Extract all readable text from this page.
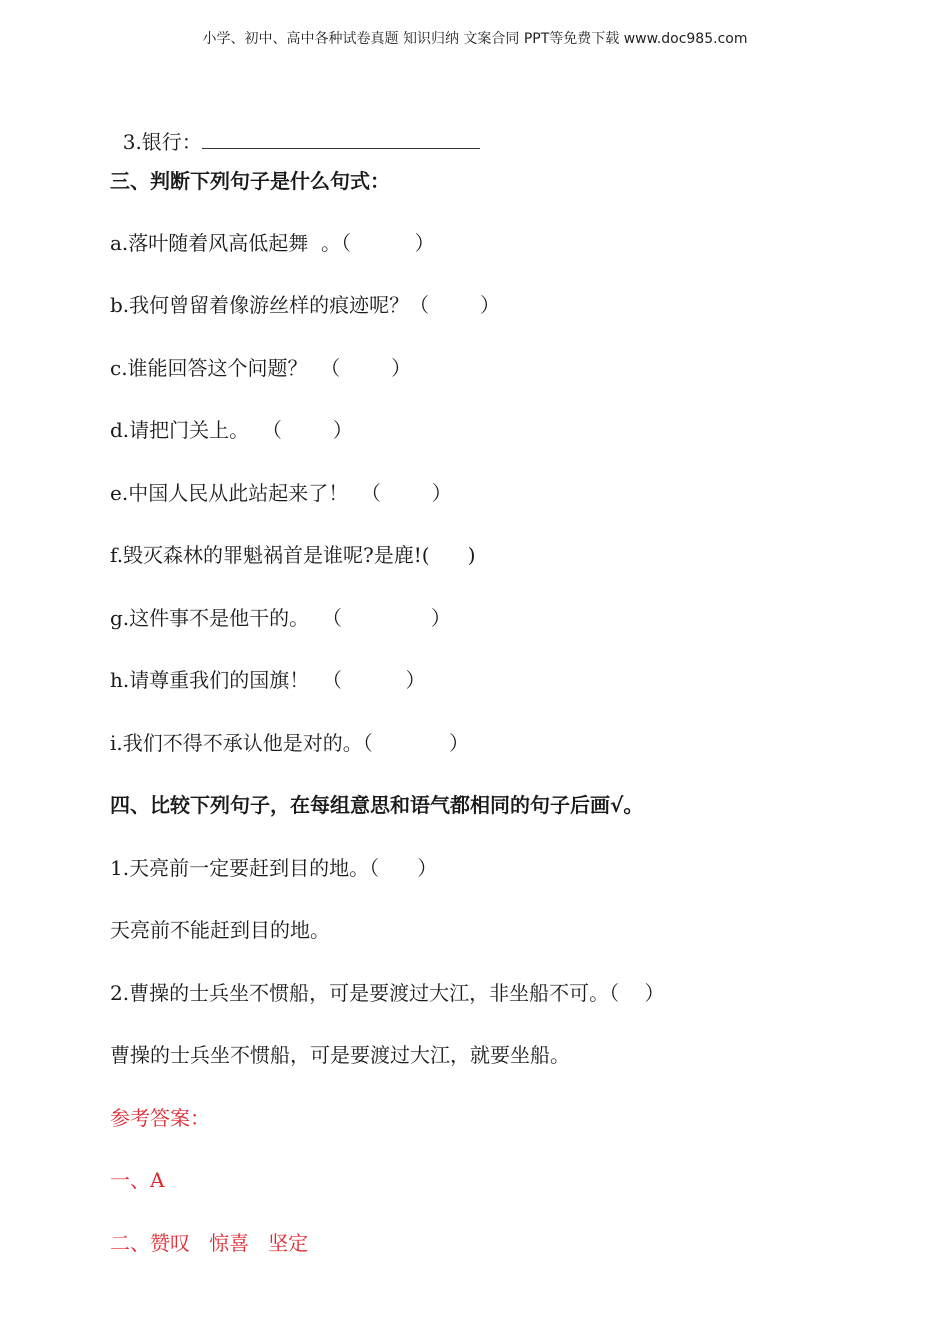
小学、初中、高中各种试卷真题 知识归纳 文案合同 PPT等免费下载 www.doc985.com

3.银行：

三、判断下列句子是什么句式：
a.落叶随着风高低起舞  。（          ）
b.我何曾留着像游丝样的痕迹呢？（        ）
c.谁能回答这个问题？  （        ）
d.请把门关上。  （        ）
e.中国人民从此站起来了！  （        ）
f.毁灭森林的罪魁祸首是谁呢?是鹿!(      )
g.这件事不是他干的。  （              ）
h.请尊重我们的国旗！  （          ）
i.我们不得不承认他是对的。（            ）
四、比较下列句子，在每组意思和语气都相同的句子后画√。
1.天亮前一定要赶到目的地。（      ）
天亮前不能赶到目的地。
2.曹操的士兵坐不惯船，可是要渡过大江，非坐船不可。（    ）
曹操的士兵坐不惯船，可是要渡过大江，就要坐船。
参考答案：
一、A
二、赞叹   惊喜   坚定
